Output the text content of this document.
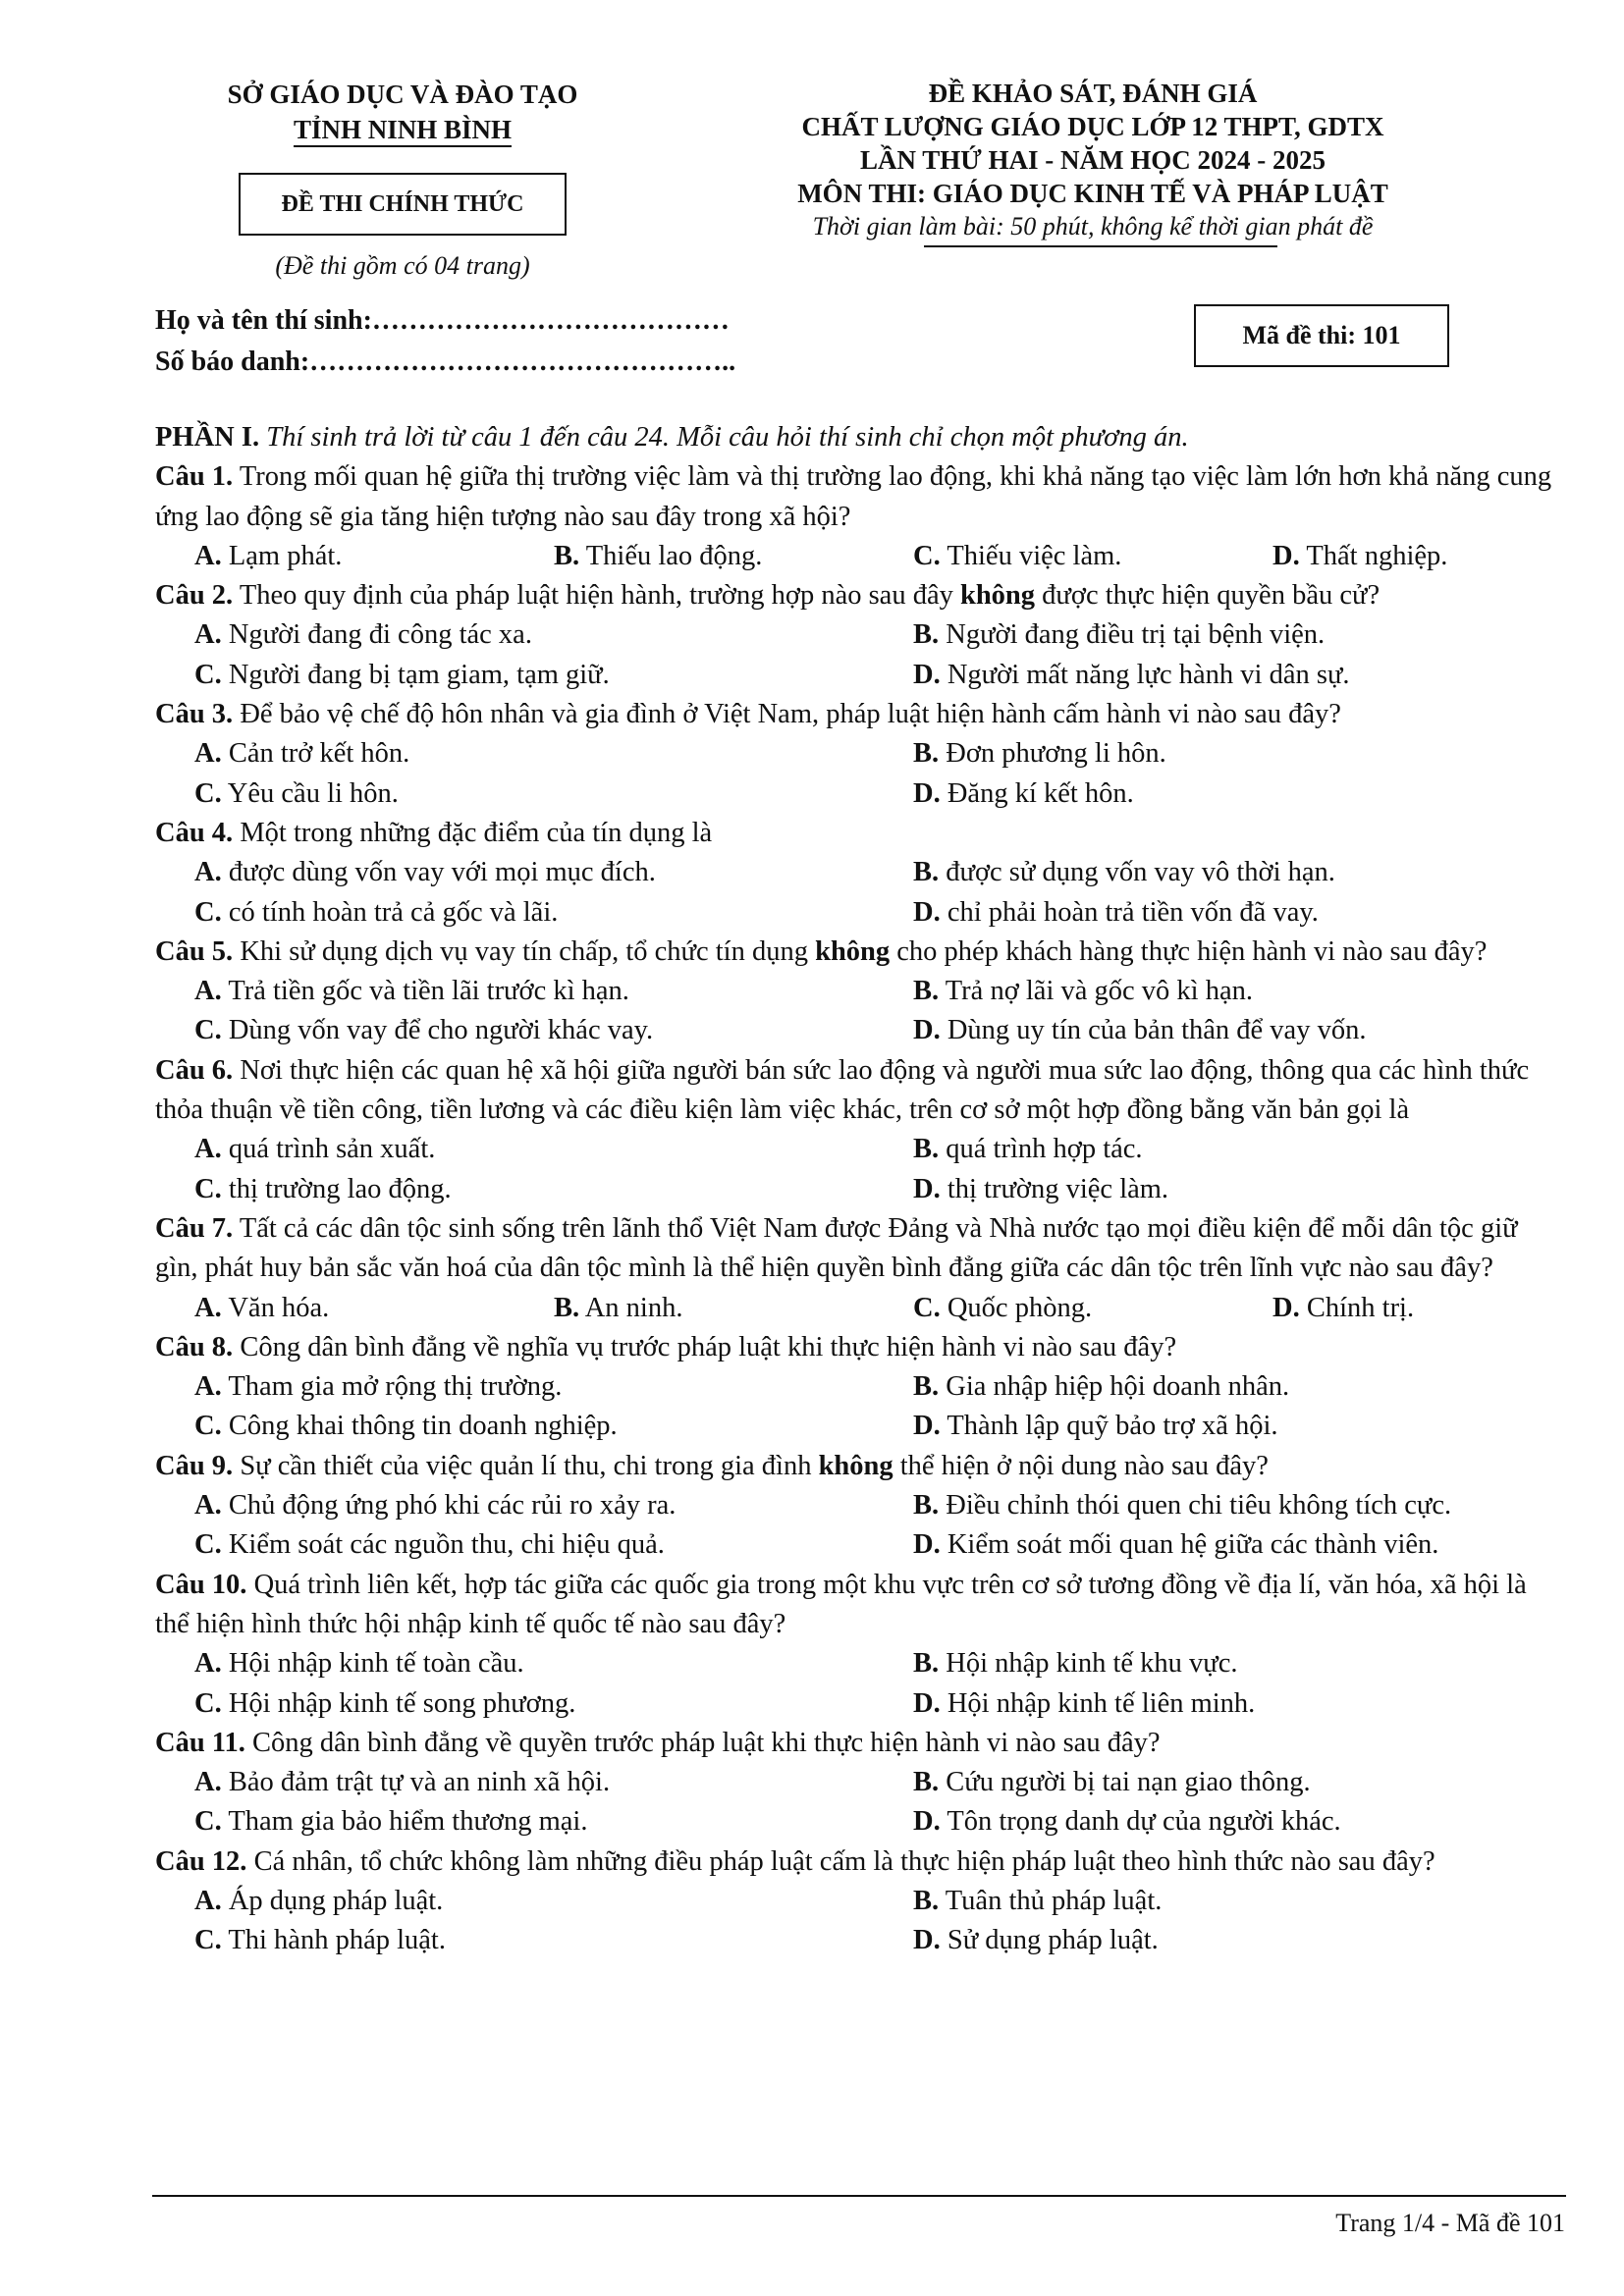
SỞ GIÁO DỤC VÀ ĐÀO TẠO
TỈNH NINH BÌNH
ĐỀ THI CHÍNH THỨC
(Đề thi gồm có 04 trang)
ĐỀ KHẢO SÁT, ĐÁNH GIÁ
CHẤT LƯỢNG GIÁO DỤC LỚP 12 THPT, GDTX
LẦN THỨ HAI - NĂM HỌC 2024 - 2025
MÔN THI: GIÁO DỤC KINH TẾ VÀ PHÁP LUẬT
Thời gian làm bài: 50 phút, không kể thời gian phát đề
Họ và tên thí sinh:…………………………………
Số báo danh:………………………………………..
Mã đề thi: 101

PHẦN I. Thí sinh trả lời từ câu 1 đến câu 24. Mỗi câu hỏi thí sinh chỉ chọn một phương án.

Câu 1. Trong mối quan hệ giữa thị trường việc làm và thị trường lao động, khi khả năng tạo việc làm lớn hơn khả năng cung ứng lao động sẽ gia tăng hiện tượng nào sau đây trong xã hội?

A. Lạm phát.	B. Thiếu lao động.	C. Thiếu việc làm.	D. Thất nghiệp.

Câu 2. Theo quy định của pháp luật hiện hành, trường hợp nào sau đây không được thực hiện quyền bầu cử?

A. Người đang đi công tác xa.	B. Người đang điều trị tại bệnh viện.
C. Người đang bị tạm giam, tạm giữ.	D. Người mất năng lực hành vi dân sự.

Câu 3. Để bảo vệ chế độ hôn nhân và gia đình ở Việt Nam, pháp luật hiện hành cấm hành vi nào sau đây?

A. Cản trở kết hôn.	B. Đơn phương li hôn.
C. Yêu cầu li hôn.	D. Đăng kí kết hôn.

Câu 4. Một trong những đặc điểm của tín dụng là

A. được dùng vốn vay với mọi mục đích.	B. được sử dụng vốn vay vô thời hạn.
C. có tính hoàn trả cả gốc và lãi.	D. chỉ phải hoàn trả tiền vốn đã vay.

Câu 5. Khi sử dụng dịch vụ vay tín chấp, tổ chức tín dụng không cho phép khách hàng thực hiện hành vi nào sau đây?

A. Trả tiền gốc và tiền lãi trước kì hạn.	B. Trả nợ lãi và gốc vô kì hạn.
C. Dùng vốn vay để cho người khác vay.	D. Dùng uy tín của bản thân để vay vốn.

Câu 6. Nơi thực hiện các quan hệ xã hội giữa người bán sức lao động và người mua sức lao động, thông qua các hình thức thỏa thuận về tiền công, tiền lương và các điều kiện làm việc khác, trên cơ sở một hợp đồng bằng văn bản gọi là

A. quá trình sản xuất.	B. quá trình hợp tác.
C. thị trường lao động.	D. thị trường việc làm.

Câu 7. Tất cả các dân tộc sinh sống trên lãnh thổ Việt Nam được Đảng và Nhà nước tạo mọi điều kiện để mỗi dân tộc giữ gìn, phát huy bản sắc văn hoá của dân tộc mình là thể hiện quyền bình đẳng giữa các dân tộc trên lĩnh vực nào sau đây?

A. Văn hóa.	B. An ninh.	C. Quốc phòng.	D. Chính trị.

Câu 8. Công dân bình đẳng về nghĩa vụ trước pháp luật khi thực hiện hành vi nào sau đây?

A. Tham gia mở rộng thị trường.	B. Gia nhập hiệp hội doanh nhân.
C. Công khai thông tin doanh nghiệp.	D. Thành lập quỹ bảo trợ xã hội.

Câu 9. Sự cần thiết của việc quản lí thu, chi trong gia đình không thể hiện ở nội dung nào sau đây?

A. Chủ động ứng phó khi các rủi ro xảy ra.	B. Điều chỉnh thói quen chi tiêu không tích cực.
C. Kiểm soát các nguồn thu, chi hiệu quả.	D. Kiểm soát mối quan hệ giữa các thành viên.

Câu 10. Quá trình liên kết, hợp tác giữa các quốc gia trong một khu vực trên cơ sở tương đồng về địa lí, văn hóa, xã hội là thể hiện hình thức hội nhập kinh tế quốc tế nào sau đây?

A. Hội nhập kinh tế toàn cầu.	B. Hội nhập kinh tế khu vực.
C. Hội nhập kinh tế song phương.	D. Hội nhập kinh tế liên minh.

Câu 11. Công dân bình đẳng về quyền trước pháp luật khi thực hiện hành vi nào sau đây?

A. Bảo đảm trật tự và an ninh xã hội.	B. Cứu người bị tai nạn giao thông.
C. Tham gia bảo hiểm thương mại.	D. Tôn trọng danh dự của người khác.

Câu 12. Cá nhân, tổ chức không làm những điều pháp luật cấm là thực hiện pháp luật theo hình thức nào sau đây?

A. Áp dụng pháp luật.	B. Tuân thủ pháp luật.
C. Thi hành pháp luật.	D. Sử dụng pháp luật.
Trang 1/4 - Mã đề 101
